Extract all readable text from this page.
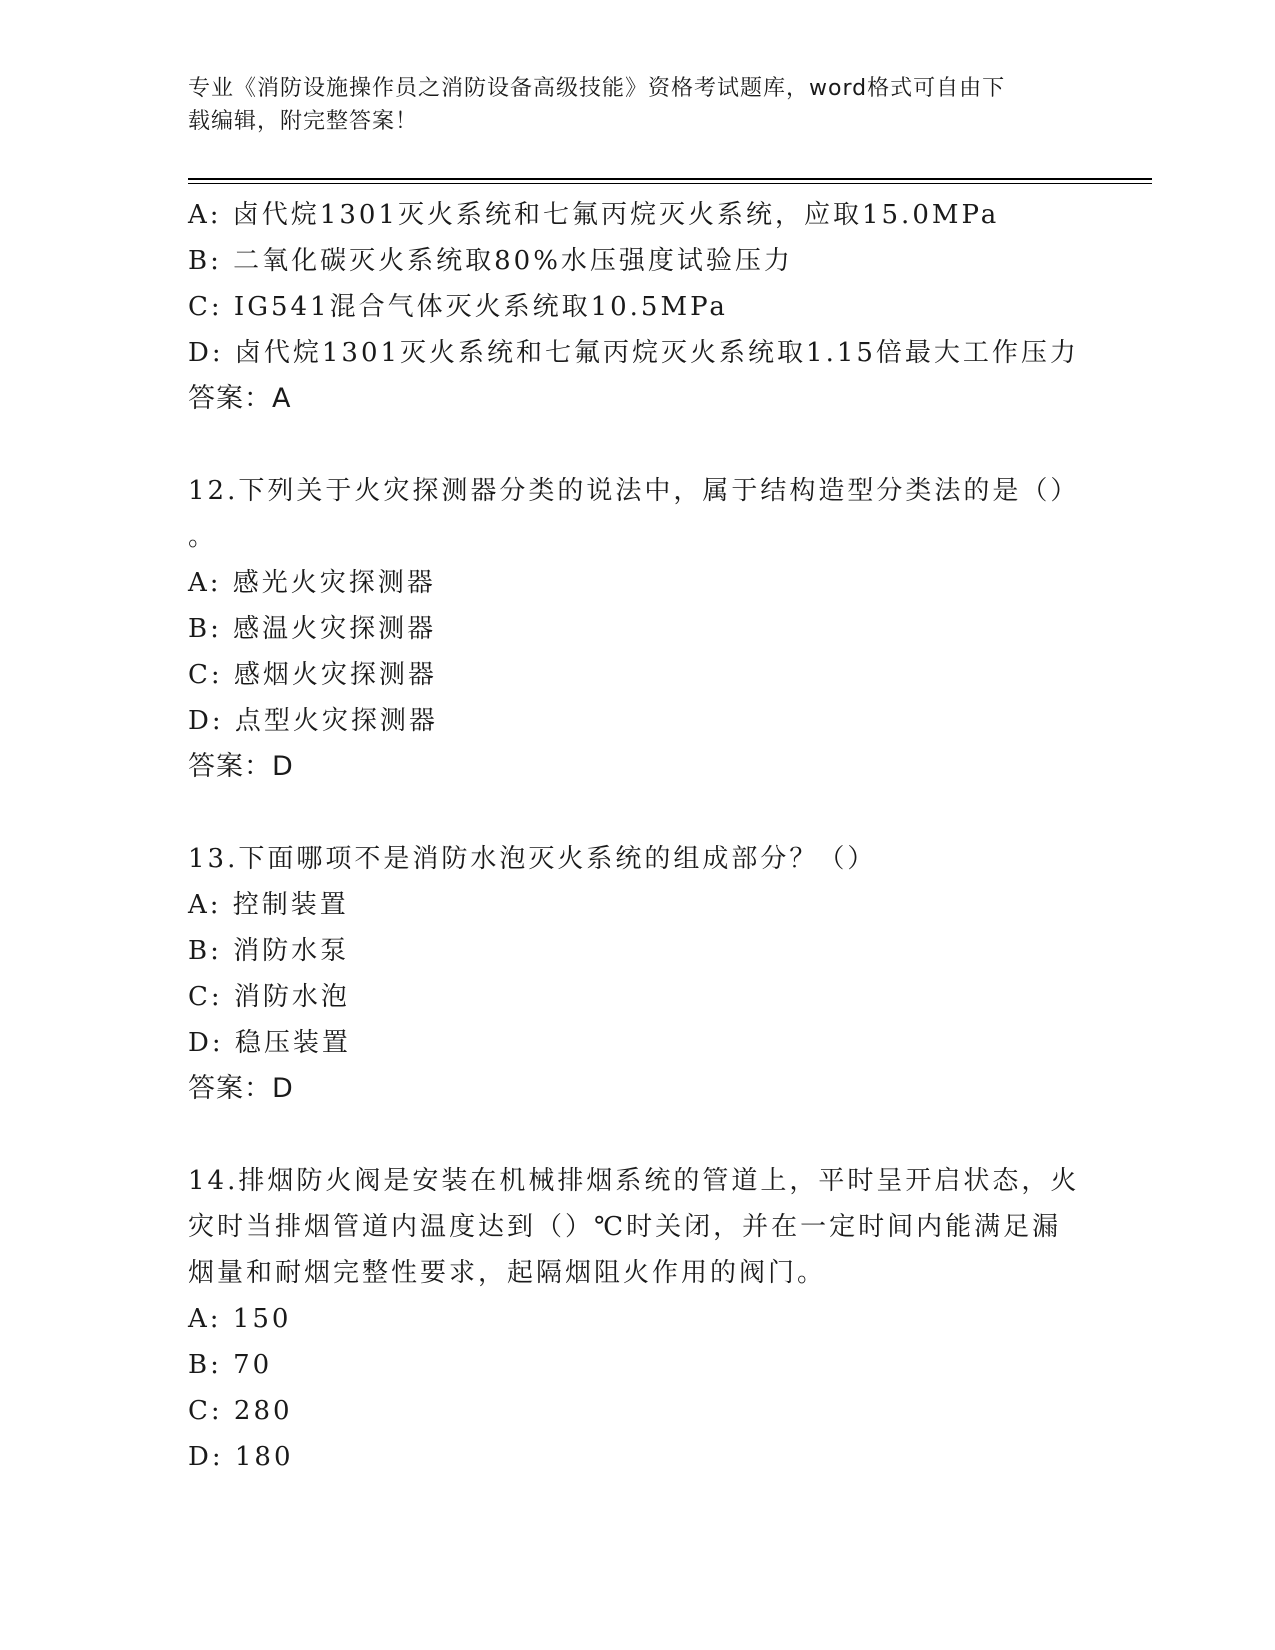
专业《消防设施操作员之消防设备高级技能》资格考试题库，word格式可自由下
载编辑，附完整答案！
A: 卤代烷1301灭火系统和七氟丙烷灭火系统，应取15.0MPa
B: 二氧化碳灭火系统取80%水压强度试验压力
C: IG541混合气体灭火系统取10.5MPa
D: 卤代烷1301灭火系统和七氟丙烷灭火系统取1.15倍最大工作压力
答案：A
12.下列关于火灾探测器分类的说法中，属于结构造型分类法的是（）
。
A: 感光火灾探测器
B: 感温火灾探测器
C: 感烟火灾探测器
D: 点型火灾探测器
答案：D
13.下面哪项不是消防水泡灭火系统的组成部分？（）
A: 控制装置
B: 消防水泵
C: 消防水泡
D: 稳压装置
答案：D
14.排烟防火阀是安装在机械排烟系统的管道上，平时呈开启状态，火
灾时当排烟管道内温度达到（）℃时关闭，并在一定时间内能满足漏
烟量和耐烟完整性要求，起隔烟阻火作用的阀门。
A: 150
B: 70
C: 280
D: 180
